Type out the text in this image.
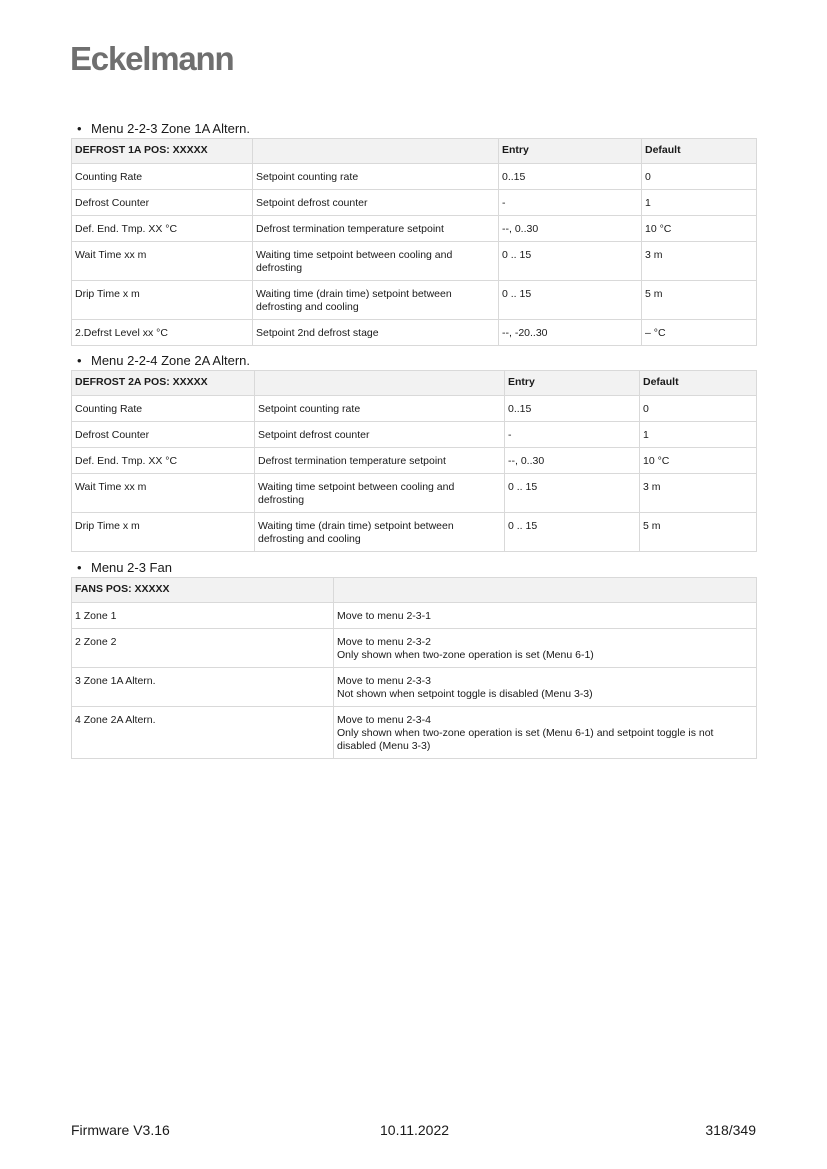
Eckelmann
• Menu 2-2-3 Zone 1A Altern.
DEFROST 1A POS: XXXXX		Entry	Default
Counting Rate	Setpoint counting rate	0..15	0
Defrost Counter	Setpoint defrost counter	-	1
Def. End. Tmp. XX °C	Defrost termination temperature setpoint	--, 0..30	10 °C
Wait Time xx m	Waiting time setpoint between cooling and defrosting	0 .. 15	3 m
Drip Time x m	Waiting time (drain time) setpoint between defrosting and cooling	0 .. 15	5 m
2.Defrst Level xx °C	Setpoint 2nd defrost stage	--, -20..30	– °C
• Menu 2-2-4 Zone 2A Altern.
DEFROST 2A POS: XXXXX		Entry	Default
Counting Rate	Setpoint counting rate	0..15	0
Defrost Counter	Setpoint defrost counter	-	1
Def. End. Tmp. XX °C	Defrost termination temperature setpoint	--, 0..30	10 °C
Wait Time xx m	Waiting time setpoint between cooling and defrosting	0 .. 15	3 m
Drip Time x m	Waiting time (drain time) setpoint between defrosting and cooling	0 .. 15	5 m
• Menu 2-3 Fan
FANS POS: XXXXX	
1 Zone 1	Move to menu 2-3-1
2 Zone 2	Move to menu 2-3-2
Only shown when two-zone operation is set (Menu 6-1)
3 Zone 1A Altern.	Move to menu 2-3-3
Not shown when setpoint toggle is disabled (Menu 3-3)
4 Zone 2A Altern.	Move to menu 2-3-4
Only shown when two-zone operation is set (Menu 6-1) and setpoint toggle is not disabled (Menu 3-3)
Firmware V3.16	10.11.2022	318/349
